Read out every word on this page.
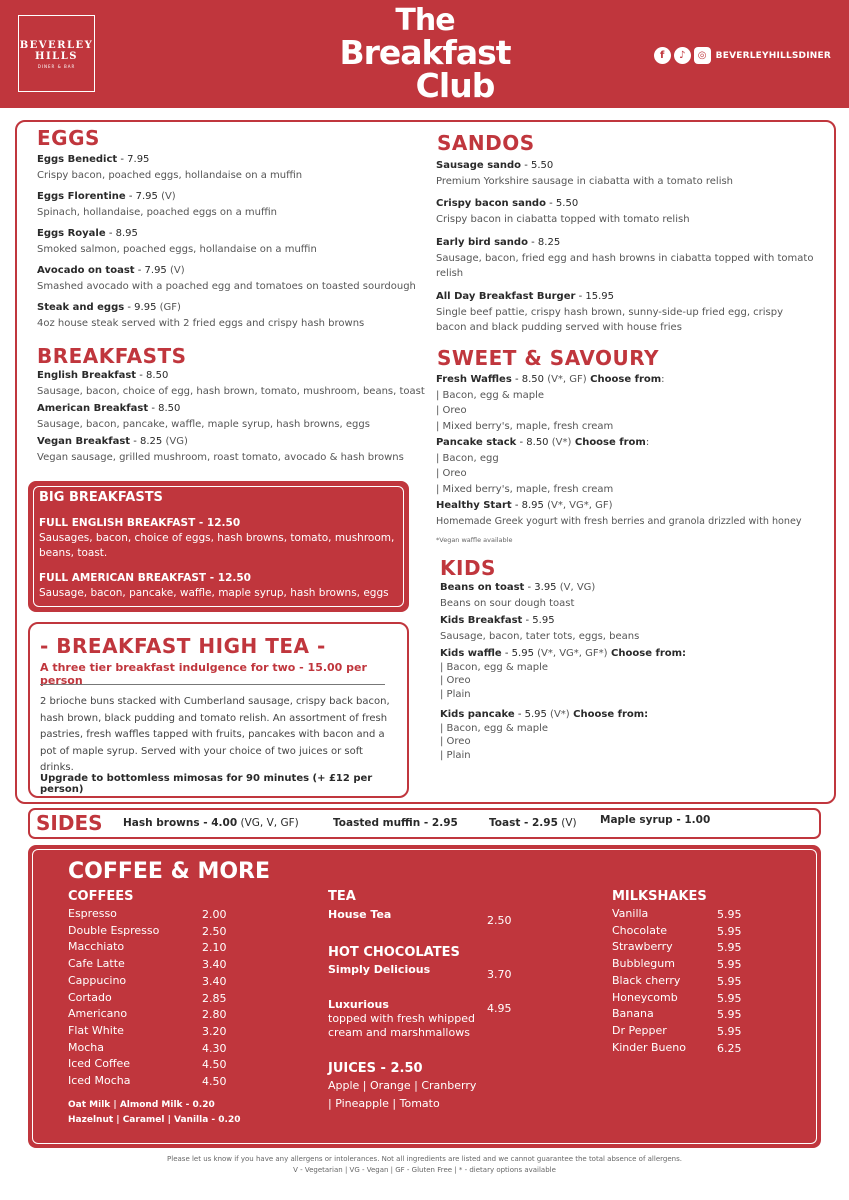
BEVERLEY
HILLS
DINER & BAR
The
Breakfast
Club
f	♪	◎	BEVERLEYHILLSDINER
EGGS
Eggs Benedict - 7.95
Crispy bacon, poached eggs, hollandaise on a muffin
Eggs Florentine - 7.95 (V)
Spinach, hollandaise, poached eggs on a muffin
Eggs Royale - 8.95
Smoked salmon, poached eggs, hollandaise on a muffin
Avocado on toast - 7.95 (V)
Smashed avocado with a poached egg and tomatoes on toasted sourdough
Steak and eggs - 9.95 (GF)
4oz house steak served with 2 fried eggs and crispy hash browns
BREAKFASTS
English Breakfast - 8.50
Sausage, bacon, choice of egg, hash brown, tomato, mushroom, beans, toast
American Breakfast - 8.50
Sausage, bacon, pancake, waffle, maple syrup, hash browns, eggs
Vegan Breakfast - 8.25 (VG)
Vegan sausage, grilled mushroom, roast tomato, avocado & hash browns
BIG BREAKFASTS
FULL ENGLISH BREAKFAST - 12.50
Sausages, bacon, choice of eggs, hash browns, tomato, mushroom, beans, toast.
FULL AMERICAN BREAKFAST - 12.50
Sausage, bacon, pancake, waffle, maple syrup, hash browns, eggs
- BREAKFAST HIGH TEA -
A three tier breakfast indulgence for two - 15.00 per person
2 brioche buns stacked with Cumberland sausage, crispy back bacon, hash brown, black pudding and tomato relish. An assortment of fresh pastries, fresh waffles tapped with fruits, pancakes with bacon and a pot of maple syrup. Served with your choice of two juices or soft drinks.
Upgrade to bottomless mimosas for 90 minutes (+ £12 per person)
SANDOS
Sausage sando - 5.50
Premium Yorkshire sausage in ciabatta with a tomato relish
Crispy bacon sando - 5.50
Crispy bacon in ciabatta topped with tomato relish
Early bird sando - 8.25
Sausage, bacon, fried egg and hash browns in ciabatta topped with tomato relish
All Day Breakfast Burger - 15.95
Single beef pattie, crispy hash brown, sunny-side-up fried egg, crispy bacon and black pudding served with house fries
SWEET & SAVOURY
Fresh Waffles - 8.50 (V*, GF) Choose from:
| Bacon, egg & maple
| Oreo
| Mixed berry's, maple, fresh cream
Pancake stack - 8.50 (V*) Choose from:
| Bacon, egg
| Oreo
| Mixed berry's, maple, fresh cream
Healthy Start - 8.95 (V*, VG*, GF)
Homemade Greek yogurt with fresh berries and granola drizzled with honey
*Vegan waffle available
KIDS
Beans on toast - 3.95 (V, VG)
Beans on sour dough toast
Kids Breakfast - 5.95
Sausage, bacon, tater tots, eggs, beans
Kids waffle - 5.95 (V*, VG*, GF*) Choose from:
| Bacon, egg & maple
| Oreo
| Plain
Kids pancake - 5.95 (V*) Choose from:
| Bacon, egg & maple
| Oreo
| Plain
SIDES Hash browns - 4.00 (VG, V, GF)	Toasted muffin - 2.95	Toast - 2.95 (V) Maple syrup - 1.00
COFFEE & MORE
COFFEES
Espresso	2.00
Double Espresso	2.50
Macchiato	2.10
Cafe Latte	3.40
Cappucino	3.40
Cortado	2.85
Americano	2.80
Flat White	3.20
Mocha	4.30
Iced Coffee	4.50
Iced Mocha	4.50
Oat Milk | Almond Milk - 0.20
Hazelnut | Caramel | Vanilla - 0.20
TEA
House Tea	2.50
HOT CHOCOLATES
Simply Delicious	3.70
Luxurious
topped with fresh whipped
cream and marshmallows
4.95
JUICES - 2.50
Apple | Orange | Cranberry
| Pineapple | Tomato
MILKSHAKES
Vanilla	5.95
Chocolate	5.95
Strawberry	5.95
Bubblegum	5.95
Black cherry	5.95
Honeycomb	5.95
Banana	5.95
Dr Pepper	5.95
Kinder Bueno	6.25
Please let us know if you have any allergens or intolerances. Not all ingredients are listed and we cannot guarantee the total absence of allergens.
V - Vegetarian | VG - Vegan | GF - Gluten Free | * - dietary options available
